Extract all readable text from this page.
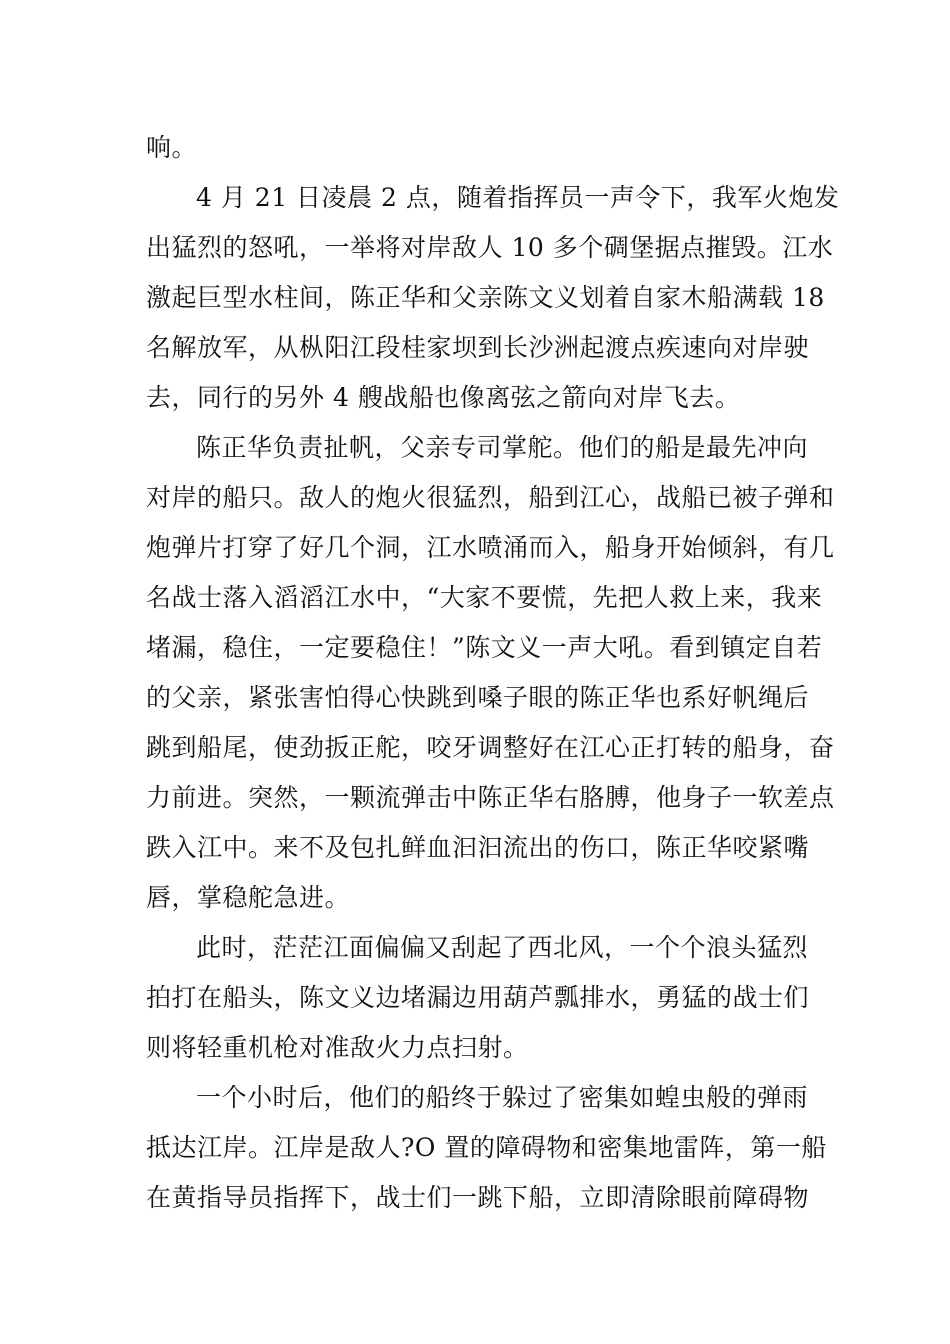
响。
4 月 21 日凌晨 2 点，随着指挥员一声令下，我军火炮发
出猛烈的怒吼，一举将对岸敌人 10 多个碉堡据点摧毁。江水
激起巨型水柱间，陈正华和父亲陈文义划着自家木船满载 18
名解放军，从枞阳江段桂家坝到长沙洲起渡点疾速向对岸驶
去，同行的另外 4 艘战船也像离弦之箭向对岸飞去。
陈正华负责扯帆，父亲专司掌舵。他们的船是最先冲向
对岸的船只。敌人的炮火很猛烈，船到江心，战船已被子弹和
炮弹片打穿了好几个洞，江水喷涌而入，船身开始倾斜，有几
名战士落入滔滔江水中，“大家不要慌，先把人救上来，我来
堵漏，稳住，一定要稳住！”陈文义一声大吼。看到镇定自若
的父亲，紧张害怕得心快跳到嗓子眼的陈正华也系好帆绳后
跳到船尾，使劲扳正舵，咬牙调整好在江心正打转的船身，奋
力前进。突然，一颗流弹击中陈正华右胳膊，他身子一软差点
跌入江中。来不及包扎鲜血汩汩流出的伤口，陈正华咬紧嘴
唇，掌稳舵急进。
此时，茫茫江面偏偏又刮起了西北风，一个个浪头猛烈
拍打在船头，陈文义边堵漏边用葫芦瓢排水，勇猛的战士们
则将轻重机枪对准敌火力点扫射。
一个小时后，他们的船终于躲过了密集如蝗虫般的弹雨
抵达江岸。江岸是敌人?O 置的障碍物和密集地雷阵，第一船
在黄指导员指挥下，战士们一跳下船，立即清除眼前障碍物
